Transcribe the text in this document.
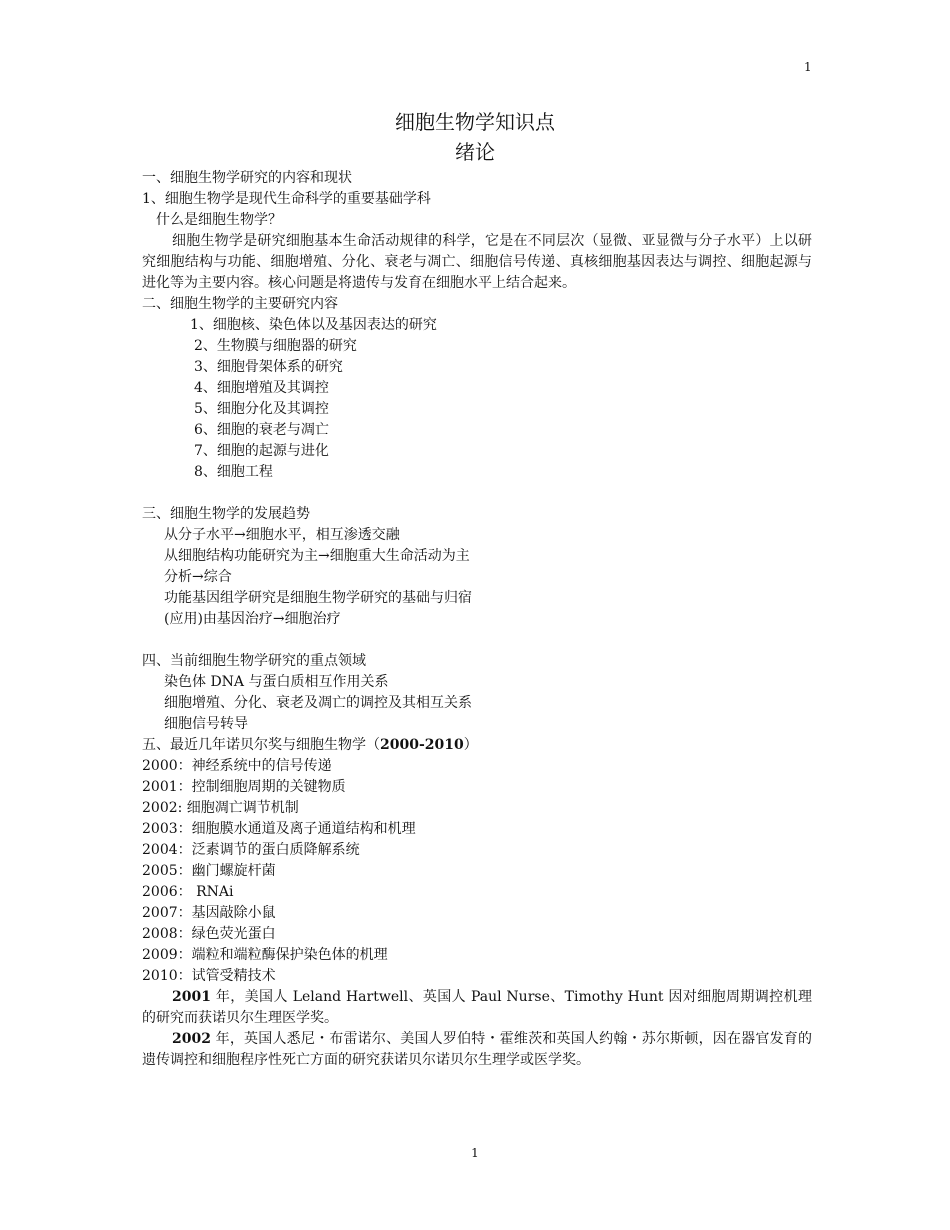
1
细胞生物学知识点
绪论
一、细胞生物学研究的内容和现状
1、细胞生物学是现代生命科学的重要基础学科
什么是细胞生物学？
细胞生物学是研究细胞基本生命活动规律的科学，它是在不同层次（显微、亚显微与分子水平）上以研究细胞结构与功能、细胞增殖、分化、衰老与凋亡、细胞信号传递、真核细胞基因表达与调控、细胞起源与进化等为主要内容。核心问题是将遗传与发育在细胞水平上结合起来。
二、细胞生物学的主要研究内容
1、细胞核、染色体以及基因表达的研究
2、生物膜与细胞器的研究
3、细胞骨架体系的研究
4、细胞增殖及其调控
5、细胞分化及其调控
6、细胞的衰老与凋亡
7、细胞的起源与进化
8、细胞工程
三、细胞生物学的发展趋势
从分子水平→细胞水平，相互渗透交融
从细胞结构功能研究为主→细胞重大生命活动为主
分析→综合
功能基因组学研究是细胞生物学研究的基础与归宿
(应用)由基因治疗→细胞治疗
四、当前细胞生物学研究的重点领域
染色体 DNA 与蛋白质相互作用关系
细胞增殖、分化、衰老及凋亡的调控及其相互关系
细胞信号转导
五、最近几年诺贝尔奖与细胞生物学（2000-2010）
2000：神经系统中的信号传递
2001：控制细胞周期的关键物质
2002: 细胞凋亡调节机制
2003：细胞膜水通道及离子通道结构和机理
2004：泛素调节的蛋白质降解系统
2005：幽门螺旋杆菌
2006： RNAi
2007：基因敲除小鼠
2008：绿色荧光蛋白
2009：端粒和端粒酶保护染色体的机理
2010：试管受精技术
2001 年，美国人 Leland Hartwell、英国人 Paul Nurse、Timothy Hunt 因对细胞周期调控机理的研究而获诺贝尔生理医学奖。
2002 年，英国人悉尼・布雷诺尔、美国人罗伯特・霍维茨和英国人约翰・苏尔斯顿，因在器官发育的遗传调控和细胞程序性死亡方面的研究获诺贝尔诺贝尔生理学或医学奖。
1
